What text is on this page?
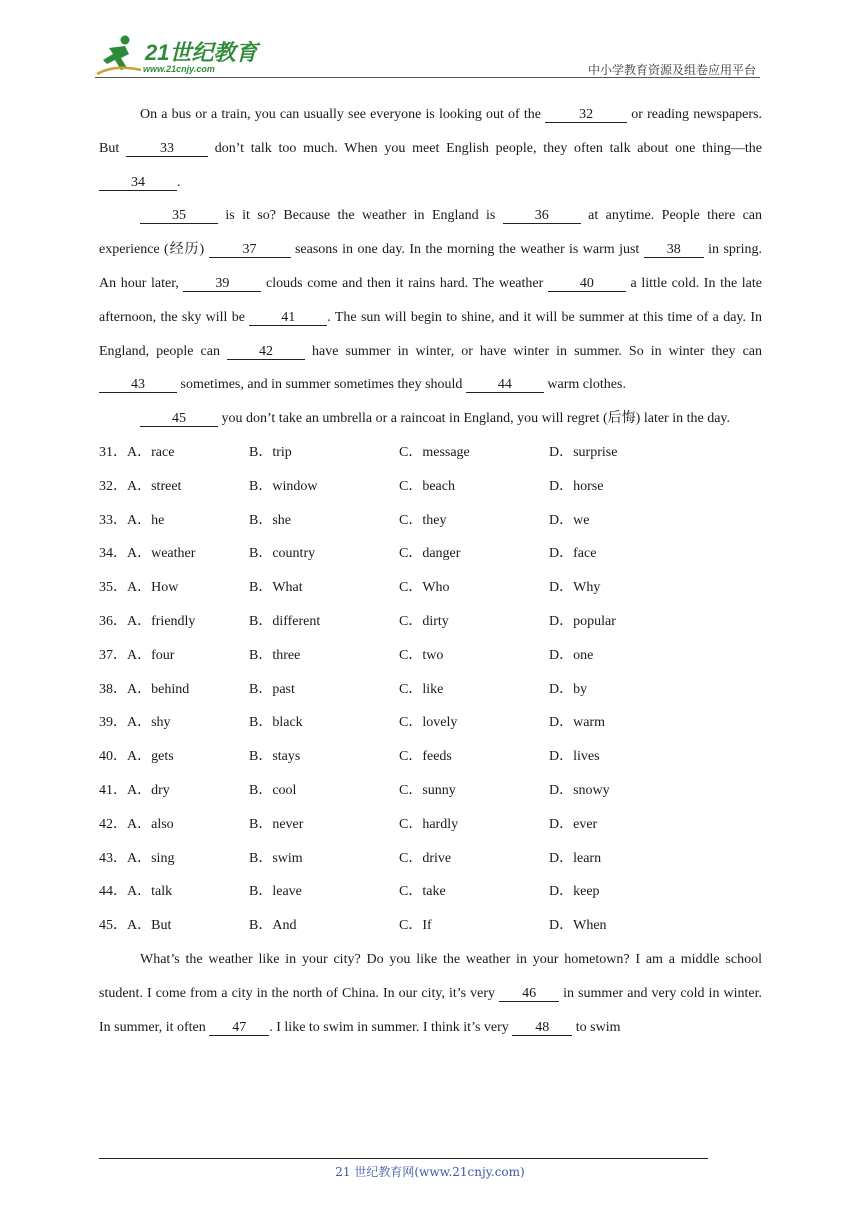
21世纪教育
www.21cnjy.com	中小学教育资源及组卷应用平台

On a bus or a train, you can usually see everyone is looking out of the 32 or reading newspapers. But 33 don’t talk too much. When you meet English people, they often talk about one thing—the 34 .

35 is it so? Because the weather in England is 36 at anytime. People there can experience (经历) 37 seasons in one day. In the morning the weather is warm just 38 in spring. An hour later, 39 clouds come and then it rains hard. The weather 40 a little cold. In the late afternoon, the sky will be 41 . The sun will begin to shine, and it will be summer at this time of a day. In England, people can 42 have summer in winter, or have winter in summer. So in winter they can 43 sometimes, and in summer sometimes they should 44 warm clothes.

45 you don’t take an umbrella or a raincoat in England, you will regret (后悔) later in the day.

31．A．race	B．trip	C．message	D．surprise
32．A．street	B．window	C．beach	D．horse
33．A．he	B．she	C．they	D．we
34．A．weather	B．country	C．danger	D．face
35．A．How	B．What	C．Who	D．Why
36．A．friendly	B．different	C．dirty	D．popular
37．A．four	B．three	C．two	D．one
38．A．behind	B．past	C．like	D．by
39．A．shy	B．black	C．lovely	D．warm
40．A．gets	B．stays	C．feeds	D．lives
41．A．dry	B．cool	C．sunny	D．snowy
42．A．also	B．never	C．hardly	D．ever
43．A．sing	B．swim	C．drive	D．learn
44．A．talk	B．leave	C．take	D．keep
45．A．But	B．And	C．If	D．When

What’s the weather like in your city? Do you like the weather in your hometown? I am a middle school student. I come from a city in the north of China. In our city, it’s very 46 in summer and very cold in winter. In summer, it often 47 . I like to swim in summer. I think it’s very 48 to swim

21 世纪教育网(www.21cnjy.com)
